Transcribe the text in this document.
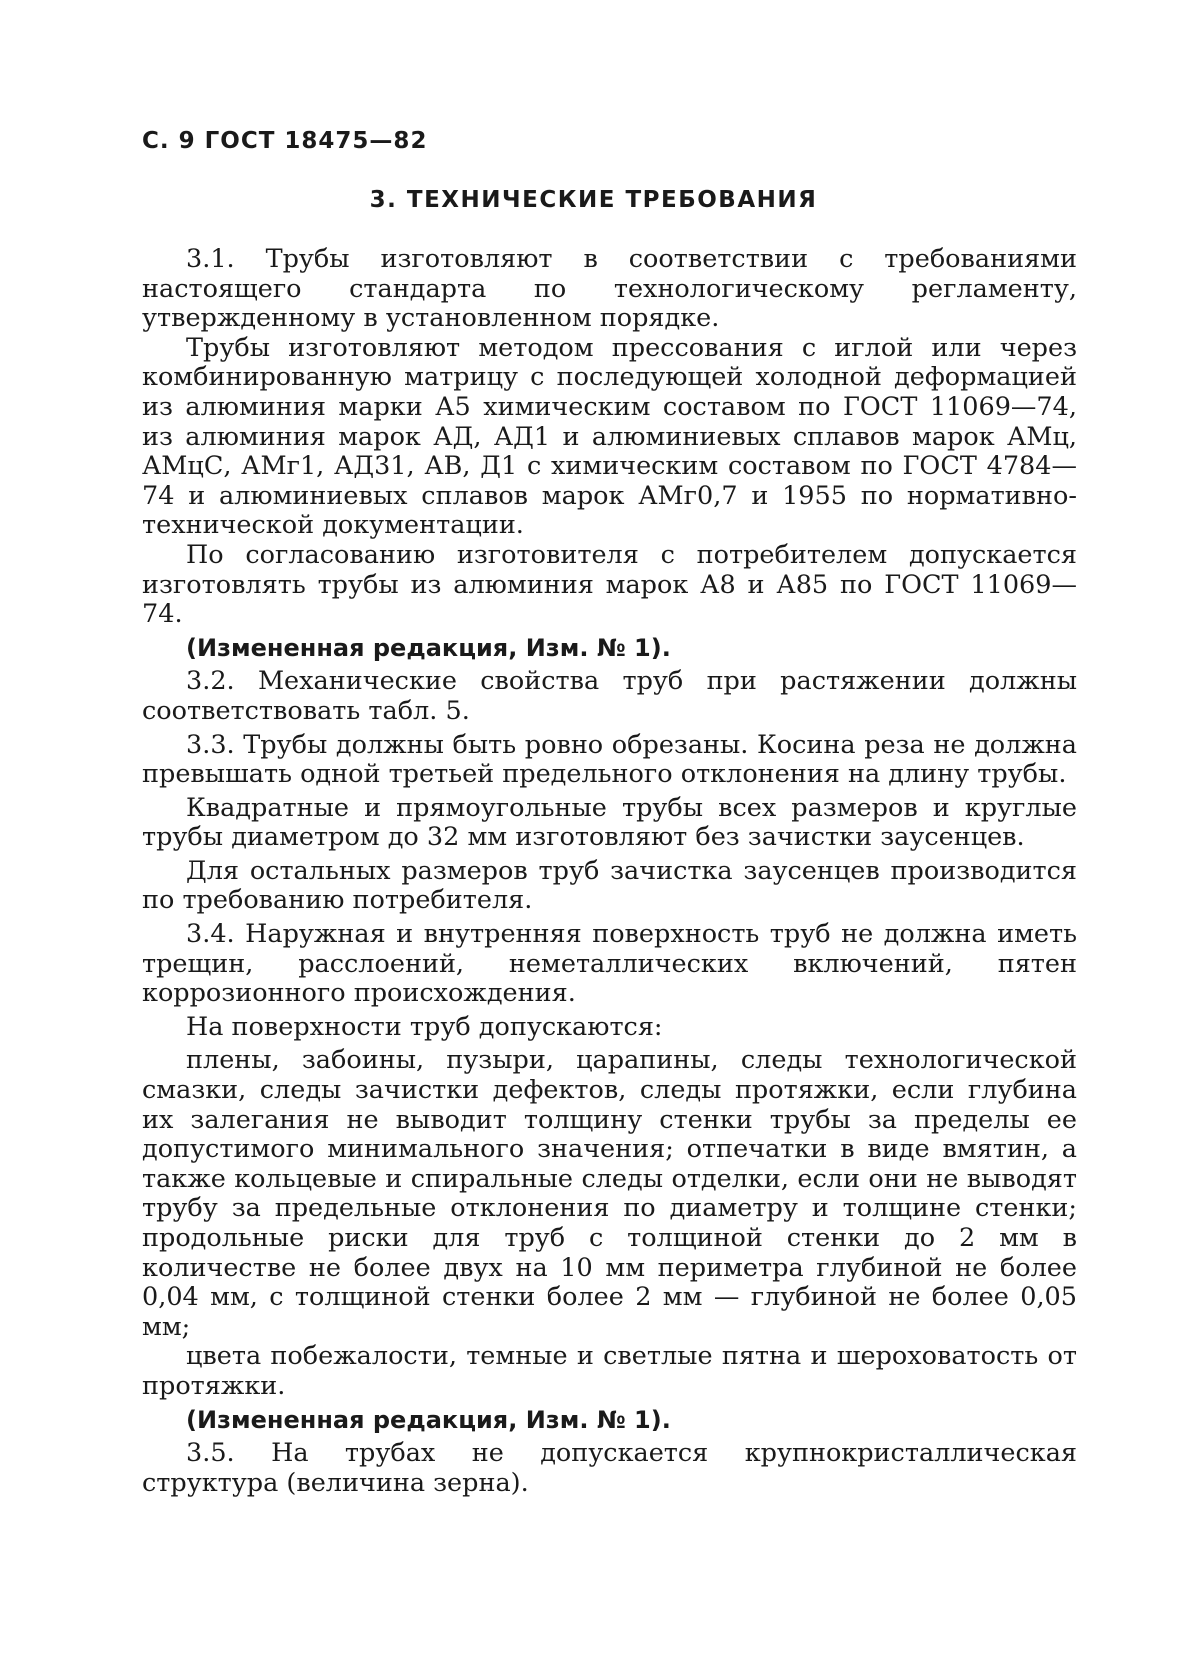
С. 9 ГОСТ 18475—82
3. ТЕХНИЧЕСКИЕ ТРЕБОВАНИЯ

3.1. Трубы изготовляют в соответствии с требованиями настоящего стандарта по технологическому регламенту, утвержденному в установленном порядке.

Трубы изготовляют методом прессования с иглой или через комбинированную матрицу с последующей холодной деформацией из алюминия марки А5 химическим составом по ГОСТ 11069—74, из алюминия марок АД, АД1 и алюминиевых сплавов марок АМц, АМцС, АМг1, АД31, АВ, Д1 с химическим составом по ГОСТ 4784—74 и алюминиевых сплавов марок АМг0,7 и 1955 по нормативно-технической документации.

По согласованию изготовителя с потребителем допускается изготовлять трубы из алюминия марок А8 и А85 по ГОСТ 11069—74.

(Измененная редакция, Изм. № 1).

3.2. Механические свойства труб при растяжении должны соответствовать табл. 5.

3.3. Трубы должны быть ровно обрезаны. Косина реза не должна превышать одной третьей предельного отклонения на длину трубы.

Квадратные и прямоугольные трубы всех размеров и круглые трубы диаметром до 32 мм изготовляют без зачистки заусенцев.

Для остальных размеров труб зачистка заусенцев производится по требованию потребителя.

3.4. Наружная и внутренняя поверхность труб не должна иметь трещин, расслоений, неметаллических включений, пятен коррозионного происхождения.

На поверхности труб допускаются:

плены, забоины, пузыри, царапины, следы технологической смазки, следы зачистки дефектов, следы протяжки, если глубина их залегания не выводит толщину стенки трубы за пределы ее допустимого минимального значения; отпечатки в виде вмятин, а также кольцевые и спиральные следы отделки, если они не выводят трубу за предельные отклонения по диаметру и толщине стенки; продольные риски для труб с толщиной стенки до 2 мм в количестве не более двух на 10 мм периметра глубиной не более 0,04 мм, с толщиной стенки более 2 мм — глубиной не более 0,05 мм;

цвета побежалости, темные и светлые пятна и шероховатость от протяжки.

(Измененная редакция, Изм. № 1).

3.5. На трубах не допускается крупнокристаллическая структура (величина зерна).
